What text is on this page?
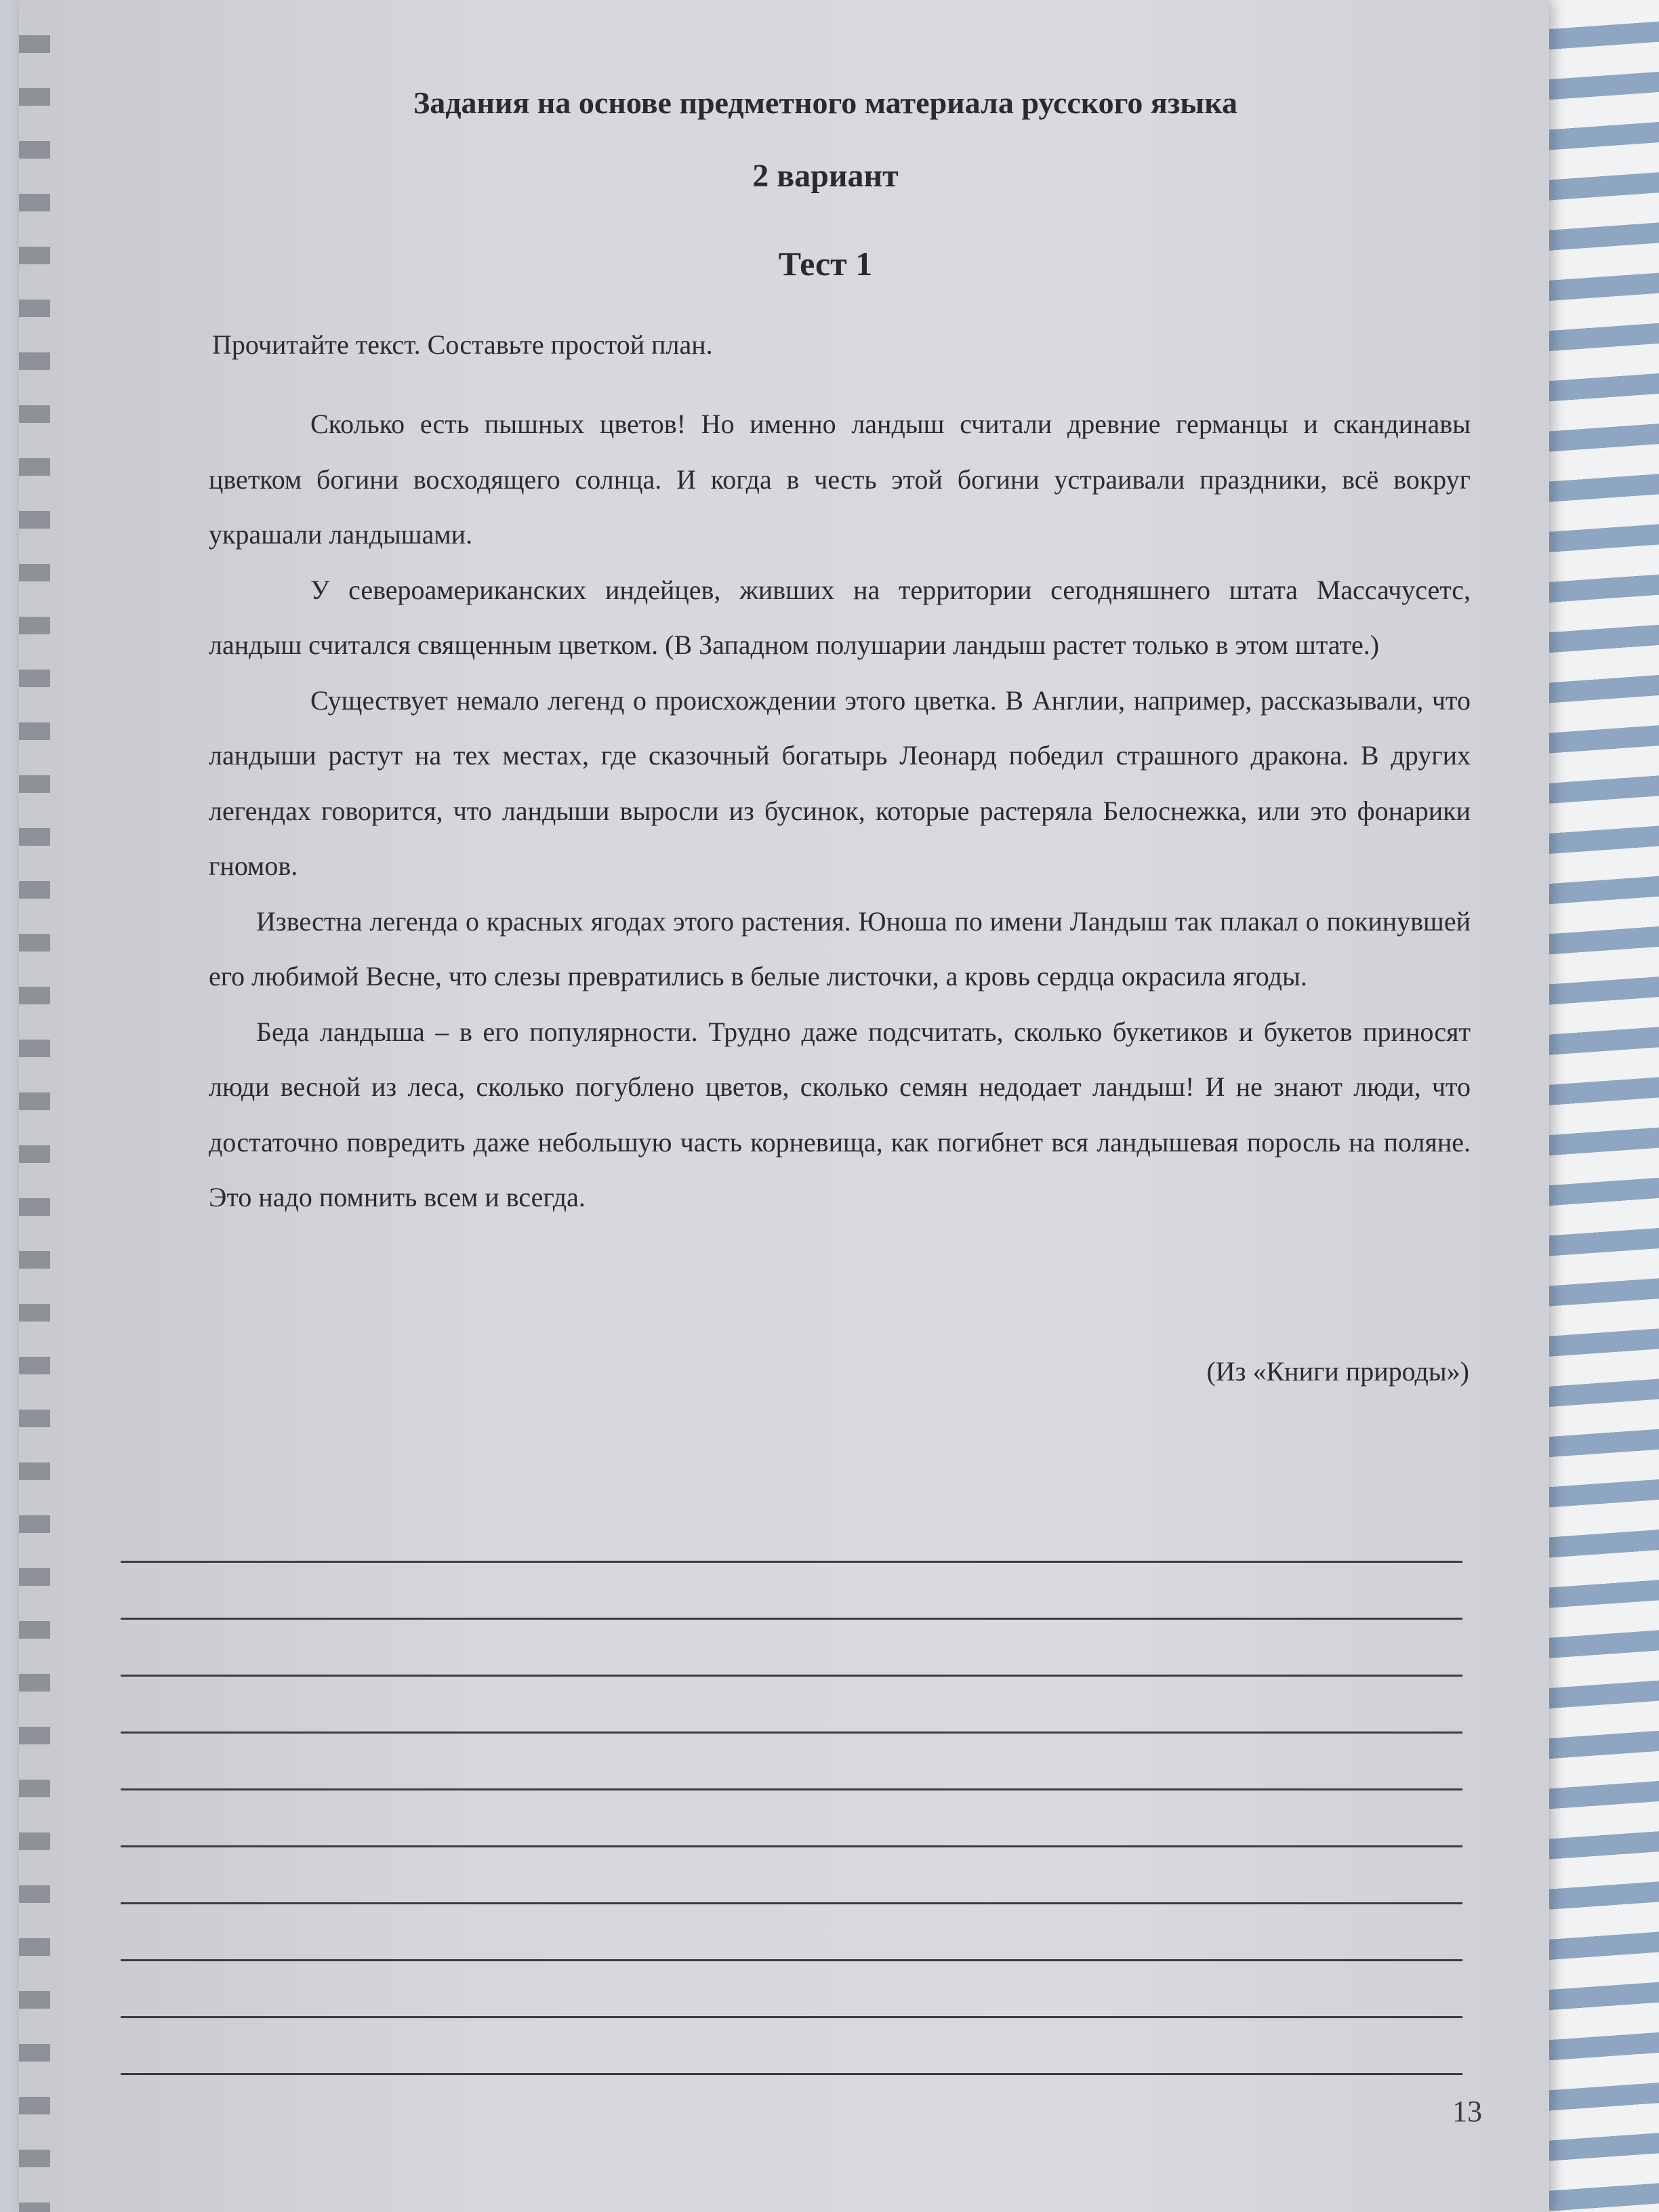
Задания на основе предметного материала русского языка
2 вариант
Тест 1

Прочитайте текст. Составьте простой план.

Сколько есть пышных цветов! Но именно ландыш считали древние германцы и скандинавы цветком богини восходящего солнца. И когда в честь этой богини устраивали праздники, всё вокруг украшали ландышами.

У североамериканских индейцев, живших на территории сегодняшнего штата Массачусетс, ландыш считался священным цветком. (В Западном полушарии ландыш растет только в этом штате.)

Существует немало легенд о происхождении этого цветка. В Англии, например, рассказывали, что ландыши растут на тех местах, где сказочный богатырь Леонард победил страшного дракона. В других легендах говорится, что ландыши выросли из бусинок, которые растеряла Белоснежка, или это фонарики гномов.

Известна легенда о красных ягодах этого растения. Юноша по имени Ландыш так плакал о покинувшей его любимой Весне, что слезы превратились в белые листочки, а кровь сердца окрасила ягоды.

Беда ландыша – в его популярности. Трудно даже подсчитать, сколько букетиков и букетов приносят люди весной из леса, сколько погублено цветов, сколько семян недодает ландыш! И не знают люди, что достаточно повредить даже небольшую часть корневища, как погибнет вся ландышевая поросль на поляне. Это надо помнить всем и всегда.

(Из «Книги природы»)

13
